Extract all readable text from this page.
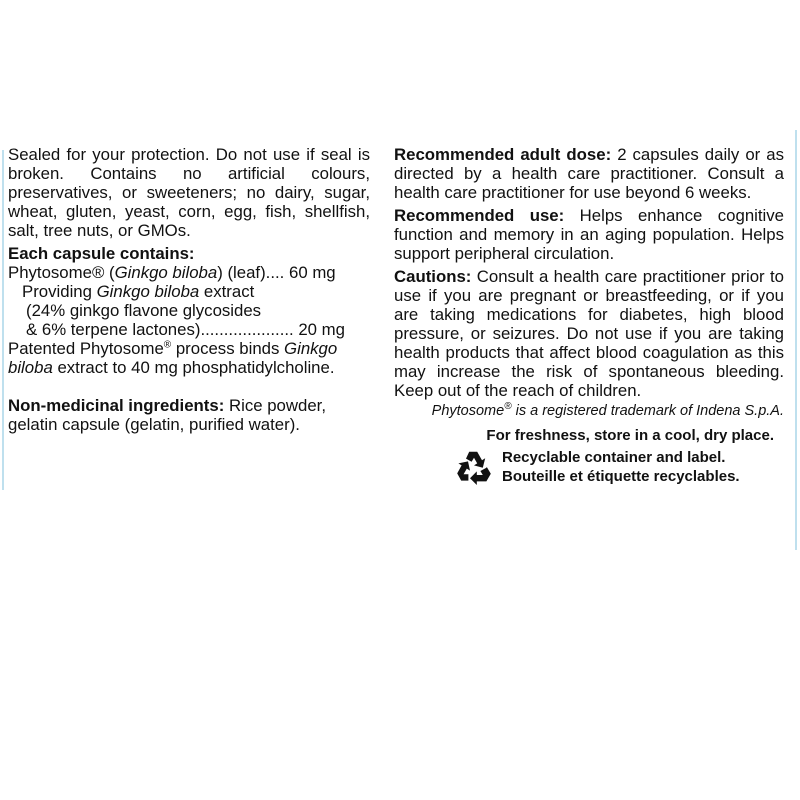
Sealed for your protection. Do not use if seal is broken. Contains no artificial colours, preservatives, or sweeteners; no dairy, sugar, wheat, gluten, yeast, corn, egg, fish, shellfish, salt, tree nuts, or GMOs.

Each capsule contains:

Phytosome® (Ginkgo biloba) (leaf).... 60 mg

Providing Ginkgo biloba extract

(24% ginkgo flavone glycosides

& 6% terpene lactones).................... 20 mg

Patented Phytosome® process binds Ginkgo
biloba extract to 40 mg phosphatidylcholine.

Non-medicinal ingredients: Rice powder, gelatin capsule (gelatin, purified water).

Recommended adult dose: 2 capsules daily or as directed by a health care practitioner. Consult a health care practitioner for use beyond 6 weeks.

Recommended use: Helps enhance cognitive function and memory in an aging population. Helps support peripheral circulation.

Cautions: Consult a health care practitioner prior to use if you are pregnant or breastfeeding, or if you are taking medications for diabetes, high blood pressure, or seizures. Do not use if you are taking health products that affect blood coagulation as this may increase the risk of spontaneous bleeding. Keep out of the reach of children.

Phytosome® is a registered trademark of Indena S.p.A.

For freshness, store in a cool, dry place.

Recyclable container and label.
Bouteille et étiquette recyclables.
